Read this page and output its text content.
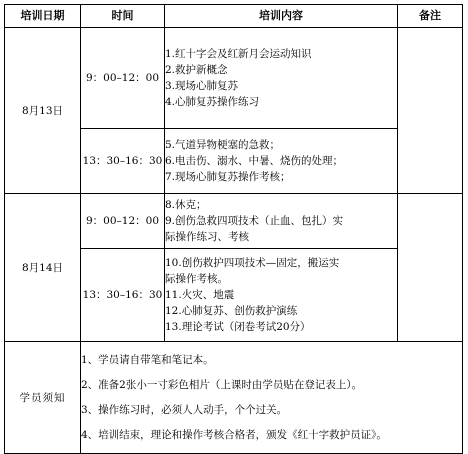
培训日期	时间	培训内容	备注
8月13日	9：00–12：00	1.红十字会及红新月会运动知识
2.救护新概念
3.现场心肺复苏
4.心肺复苏操作练习	

	13：30–16：30	5.气道异物梗塞的急救；
6.电击伤、溺水、中暑、烧伤的处理；
7.现场心肺复苏操作考核；	

8月14日	9：00–12：00	8.休克；
9.创伤急救四项技术（止血、包扎）实
际操作练习、考核	

	13：30–16：30	10.创伤救护四项技术—固定，搬运实
际操作考核。
11.火灾、地震
12.心肺复苏、创伤救护演练
13.理论考试（闭卷考试20分）	

学员须知	1、学员请自带笔和笔记本。
2、准备2张小一寸彩色相片（上课时由学员贴在登记表上）。
3、操作练习时，必须人人动手，个个过关。
4、培训结束，理论和操作考核合格者，颁发《红十字救护员证》。		
